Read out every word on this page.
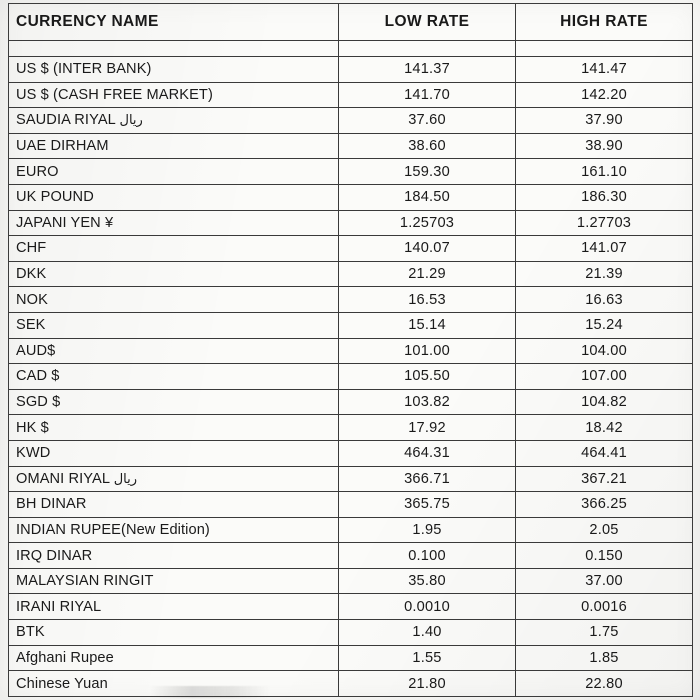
CURRENCY NAME	LOW RATE	HIGH RATE

US $ (INTER BANK)	141.37	141.47
US $ (CASH FREE MARKET)	141.70	142.20
SAUDIA RIYAL ريال	37.60	37.90
UAE DIRHAM	38.60	38.90
EURO	159.30	161.10
UK POUND	184.50	186.30
JAPANI YEN ¥	1.25703	1.27703
CHF	140.07	141.07
DKK	21.29	21.39
NOK	16.53	16.63
SEK	15.14	15.24
AUD$	101.00	104.00
CAD $	105.50	107.00
SGD $	103.82	104.82
HK $	17.92	18.42
KWD	464.31	464.41
OMANI RIYAL ريال	366.71	367.21
BH DINAR	365.75	366.25
INDIAN RUPEE(New Edition)	1.95	2.05
IRQ DINAR	0.100	0.150
MALAYSIAN RINGIT	35.80	37.00
IRANI RIYAL	0.0010	0.0016
BTK	1.40	1.75
Afghani Rupee	1.55	1.85
Chinese Yuan	21.80	22.80
